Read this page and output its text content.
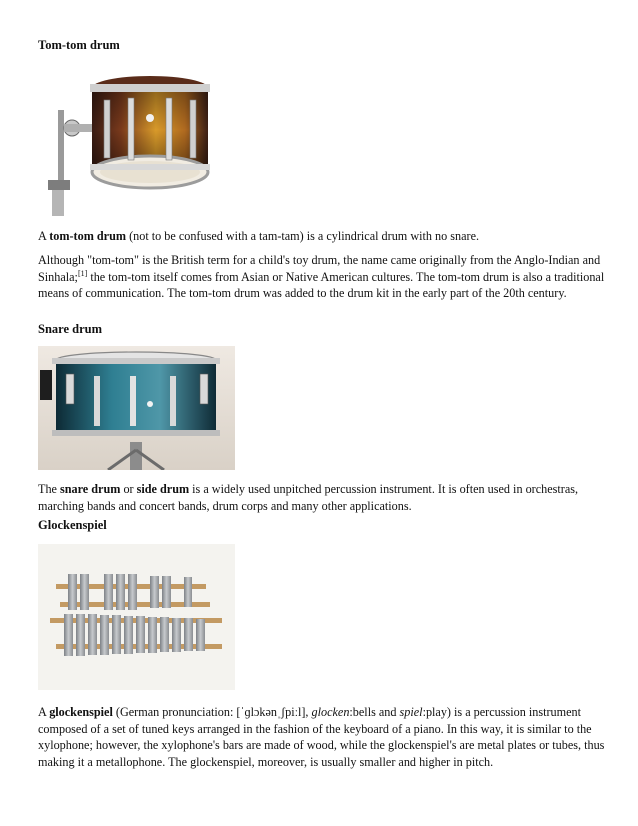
Tom-tom drum

A tom-tom drum (not to be confused with a tam-tam) is a cylindrical drum with no snare.

Although "tom-tom" is the British term for a child's toy drum, the name came originally from the Anglo-Indian and Sinhala;[1] the tom-tom itself comes from Asian or Native American cultures. The tom-tom drum is also a traditional means of communication. The tom-tom drum was added to the drum kit in the early part of the 20th century.

Snare drum

The snare drum or side drum is a widely used unpitched percussion instrument. It is often used in orchestras, marching bands and concert bands, drum corps and many other applications.

Glockenspiel

A glockenspiel (German pronunciation: [ˈɡlɔkənˌʃpiːl], glocken:bells and spiel:play) is a percussion instrument composed of a set of tuned keys arranged in the fashion of the keyboard of a piano. In this way, it is similar to the xylophone; however, the xylophone's bars are made of wood, while the glockenspiel's are metal plates or tubes, thus making it a metallophone. The glockenspiel, moreover, is usually smaller and higher in pitch.
